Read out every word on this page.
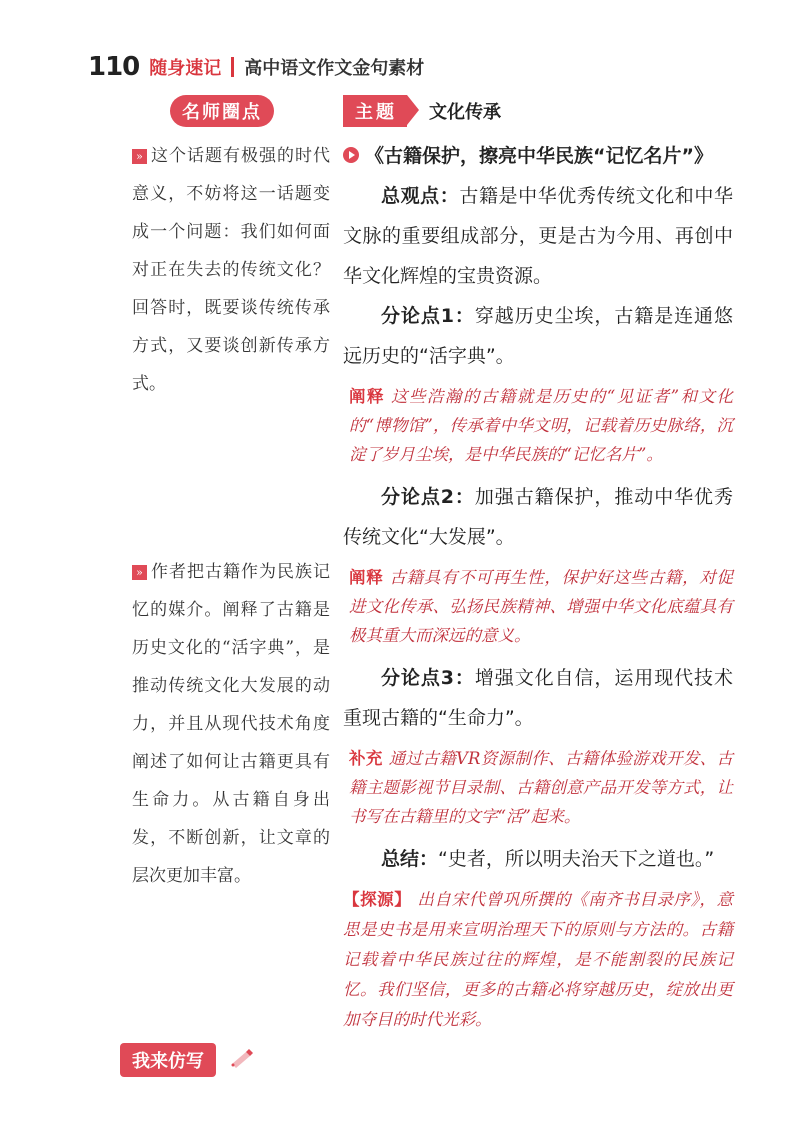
110 随身速记 高中语文作文金句素材
名师圈点
» 这个话题有极强的时代意义，不妨将这一话题变成一个问题：我们如何面对正在失去的传统文化？回答时，既要谈传统传承方式，又要谈创新传承方式。
» 作者把古籍作为民族记忆的媒介。阐释了古籍是历史文化的“活字典”，是推动传统文化大发展的动力，并且从现代技术角度阐述了如何让古籍更具有生命力。从古籍自身出发，不断创新，让文章的层次更加丰富。
主题	文化传承
《古籍保护，擦亮中华民族“记忆名片”》
总观点：古籍是中华优秀传统文化和中华文脉的重要组成部分，更是古为今用、再创中华文化辉煌的宝贵资源。
分论点1：穿越历史尘埃，古籍是连通悠远历史的“活字典”。
阐释 这些浩瀚的古籍就是历史的“见证者”和文化的“博物馆”，传承着中华文明，记载着历史脉络，沉淀了岁月尘埃，是中华民族的“记忆名片”。
分论点2：加强古籍保护，推动中华优秀传统文化“大发展”。
阐释 古籍具有不可再生性，保护好这些古籍，对促进文化传承、弘扬民族精神、增强中华文化底蕴具有极其重大而深远的意义。
分论点3：增强文化自信，运用现代技术重现古籍的“生命力”。
补充 通过古籍VR资源制作、古籍体验游戏开发、古籍主题影视节目录制、古籍创意产品开发等方式，让书写在古籍里的文字“活”起来。
总结：“史者，所以明夫治天下之道也。”
【探源】 出自宋代曾巩所撰的《南齐书目录序》，意思是史书是用来宣明治理天下的原则与方法的。古籍记载着中华民族过往的辉煌，是不能割裂的民族记忆。我们坚信，更多的古籍必将穿越历史，绽放出更加夺目的时代光彩。
我来仿写
